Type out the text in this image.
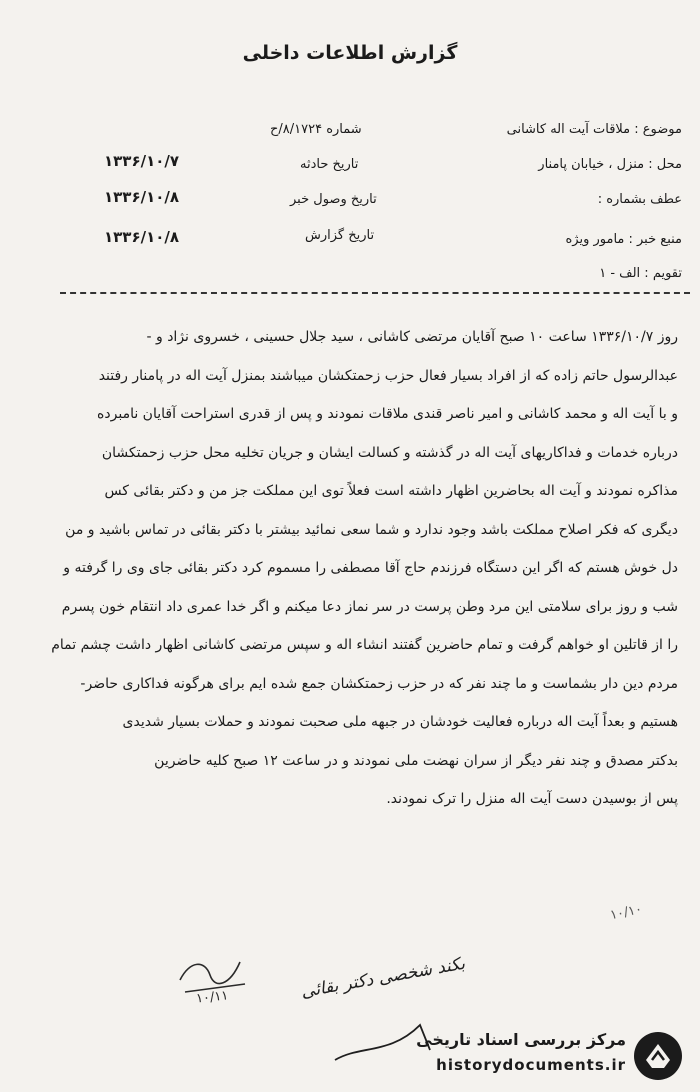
گزارش اطلاعات داخلی
موضوع : ملاقات آیت اله کاشانی
شماره ۸/۱۷۲۴/ح
محل : منزل ، خیابان پامنار
تاریخ حادثه
۱۳۳۶/۱۰/۷
عطف بشماره :
تاریخ وصول خبر
۱۳۳۶/۱۰/۸
منبع خبر : مامور ویژه
تاریخ گزارش
۱۳۳۶/۱۰/۸
تقویم : الف - ۱

روز ۱۳۳۶/۱۰/۷ ساعت ۱۰ صبح آقایان مرتضی کاشانی ، سید جلال حسینی ، خسروی نژاد و -

عبدالرسول حاتم زاده که از افراد بسیار فعال حزب زحمتکشان میباشند بمنزل آیت اله در پامنار رفتند

و با آیت اله و محمد کاشانی و امیر ناصر قندی ملاقات نمودند و پس از قدری استراحت آقایان نامبرده

درباره خدمات و فداکاریهای آیت اله در گذشته و کسالت ایشان و جریان تخلیه محل حزب زحمتکشان

مذاکره نمودند و آیت اله بحاضرین اظهار داشته است فعلاً توی این مملکت جز من و دکتر بقائی کس

دیگری که فکر اصلاح مملکت باشد وجود ندارد و شما سعی نمائید بیشتر با دکتر بقائی در تماس باشید و من

دل خوش هستم که اگر این دستگاه فرزندم حاج آقا مصطفی را مسموم کرد دکتر بقائی جای وی را گرفته و

شب و روز برای سلامتی این مرد وطن پرست در سر نماز دعا میکنم و اگر خدا عمری داد انتقام خون پسرم

را از قاتلین او خواهم گرفت و تمام حاضرین گفتند انشاء اله و سپس مرتضی کاشانی اظهار داشت چشم تمام

مردم دین دار بشماست و ما چند نفر که در حزب زحمتکشان جمع شده ایم برای هرگونه فداکاری حاضر-

هستیم و بعداً آیت اله درباره فعالیت خودشان در جبهه ملی صحبت نمودند و حملات بسیار شدیدی

بدکتر مصدق و چند نفر دیگر از سران نهضت ملی نمودند و در ساعت ۱۲ صبح کلیه حاضرین

پس از بوسیدن دست آیت اله منزل را ترک نمودند.

۱۰/۱۰
۱۰/۱۱	بکند شخصی دکتر بقائی
مرکز بررسی اسناد تاریخی
historydocuments.ir
